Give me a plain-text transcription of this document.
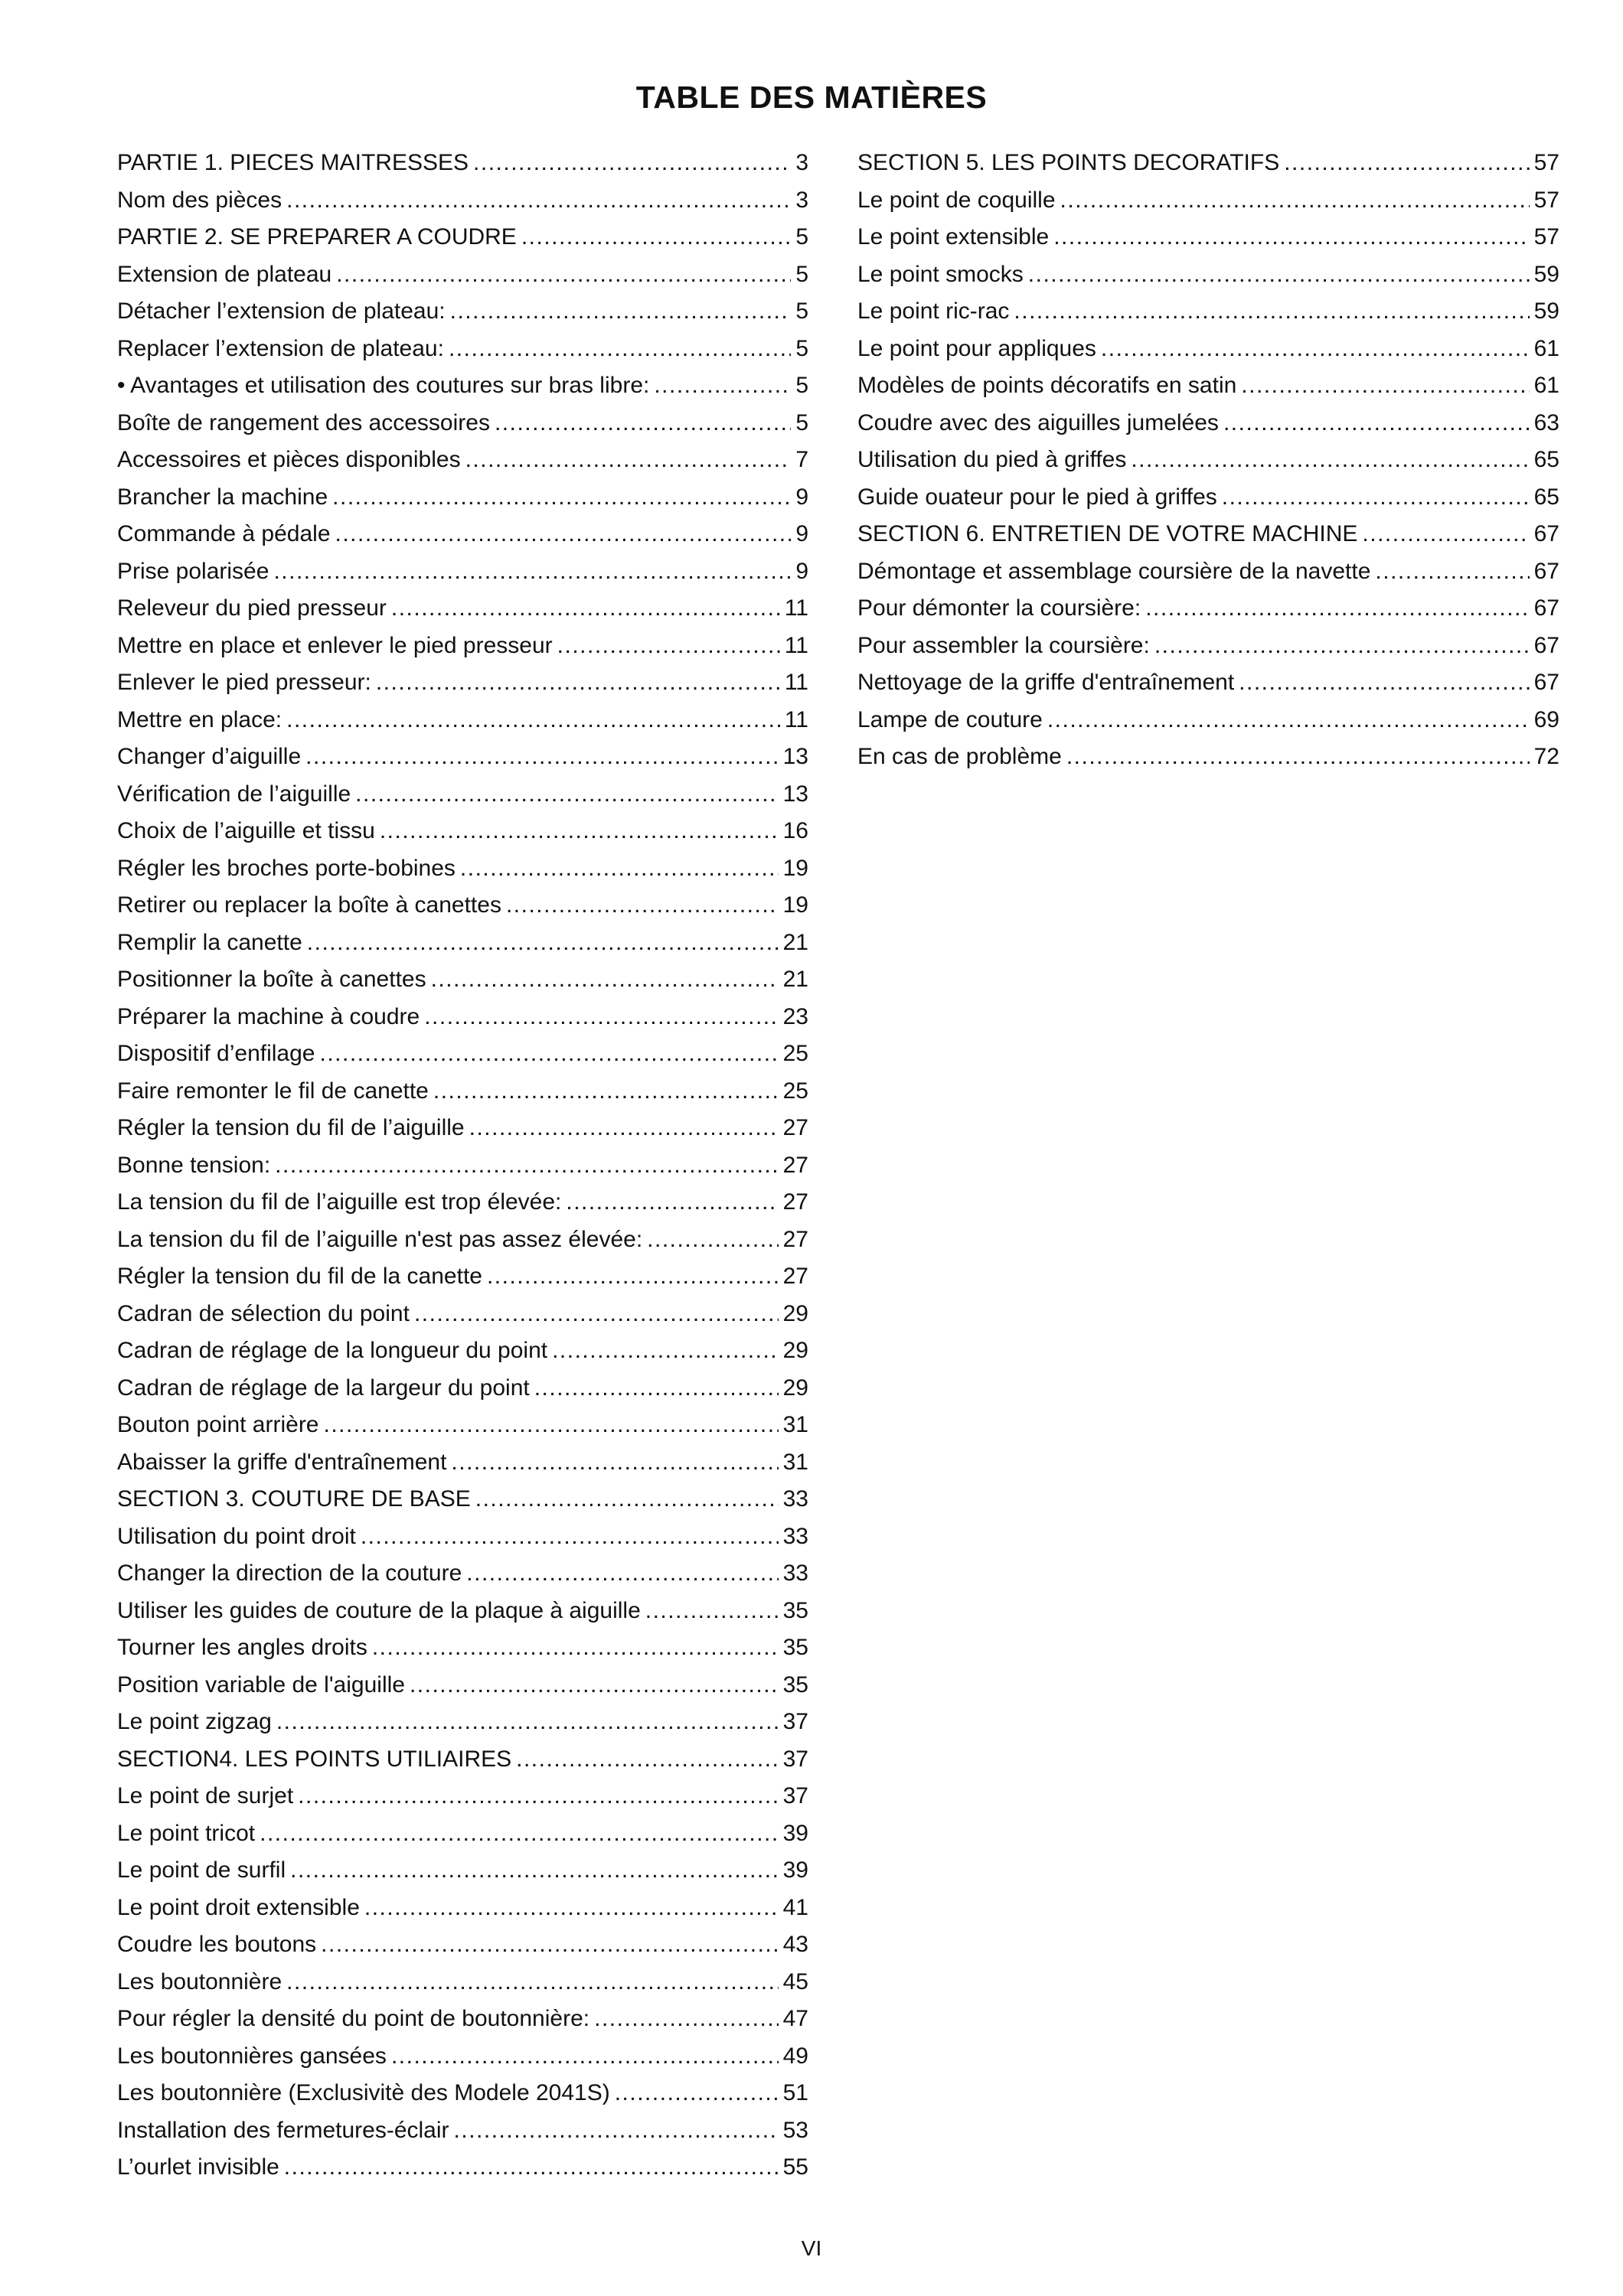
TABLE DES MATIÈRES
PARTIE 1. PIECES MAITRESSES .....	3
Nom des pièces .....	3
PARTIE 2. SE PREPARER A COUDRE .....	5
Extension de plateau .....	5
Détacher l’extension de plateau: .....	5
Replacer l’extension de plateau: .....	5
• Avantages et utilisation des coutures sur bras libre: .....	5
Boîte de rangement des accessoires .....	5
Accessoires et pièces disponibles .....	7
Brancher la machine .....	9
Commande à pédale .....	9
Prise polarisée .....	9
Releveur du pied presseur .....	11
Mettre en place et enlever le pied presseur .....	11
Enlever le pied presseur: .....	11
Mettre en place: .....	11
Changer d’aiguille .....	13
Vérification de l’aiguille .....	13
Choix de l’aiguille et tissu .....	16
Régler les broches porte-bobines .....	19
Retirer ou replacer la boîte à canettes .....	19
Remplir la canette .....	21
Positionner la boîte à canettes .....	21
Préparer la machine à coudre .....	23
Dispositif d’enfilage .....	25
Faire remonter le fil de canette .....	25
Régler la tension du fil de l’aiguille .....	27
Bonne tension: .....	27
La tension du fil de l’aiguille est trop élevée: .....	27
La tension du fil de l’aiguille n'est pas assez élevée: .....	27
Régler la tension du fil de la canette .....	27
Cadran de sélection du point .....	29
Cadran de réglage de la longueur du point .....	29
Cadran de réglage de la largeur du point .....	29
Bouton point arrière .....	31
Abaisser la griffe d'entraînement .....	31
SECTION 3. COUTURE DE BASE .....	33
Utilisation du point droit .....	33
Changer la direction de la couture .....	33
Utiliser les guides de couture de la plaque à aiguille .....	35
Tourner les angles droits .....	35
Position variable de l'aiguille .....	35
Le point zigzag .....	37
SECTION4. LES POINTS UTILIAIRES .....	37
Le point de surjet .....	37
Le point tricot .....	39
Le point de surfil .....	39
Le point droit extensible .....	41
Coudre les boutons .....	43
Les boutonnière .....	45
Pour régler la densité du point de boutonnière: .....	47
Les boutonnières gansées .....	49
Les boutonnière (Exclusivitè des Modele 2041S) .....	51
Installation des fermetures-éclair .....	53
L’ourlet invisible .....	55
SECTION 5. LES POINTS DECORATIFS .....	57
Le point de coquille .....	57
Le point extensible .....	57
Le point smocks .....	59
Le point ric-rac .....	59
Le point pour appliques .....	61
Modèles de points décoratifs en satin .....	61
Coudre avec des aiguilles jumelées .....	63
Utilisation du pied à griffes .....	65
Guide ouateur pour le pied à griffes .....	65
SECTION 6. ENTRETIEN DE VOTRE MACHINE .....	67
Démontage et assemblage coursière de la navette .....	67
Pour démonter la coursière: .....	67
Pour assembler la coursière: .....	67
Nettoyage de la griffe d'entraînement .....	67
Lampe de couture .....	69
En cas de problème .....	72
VI
